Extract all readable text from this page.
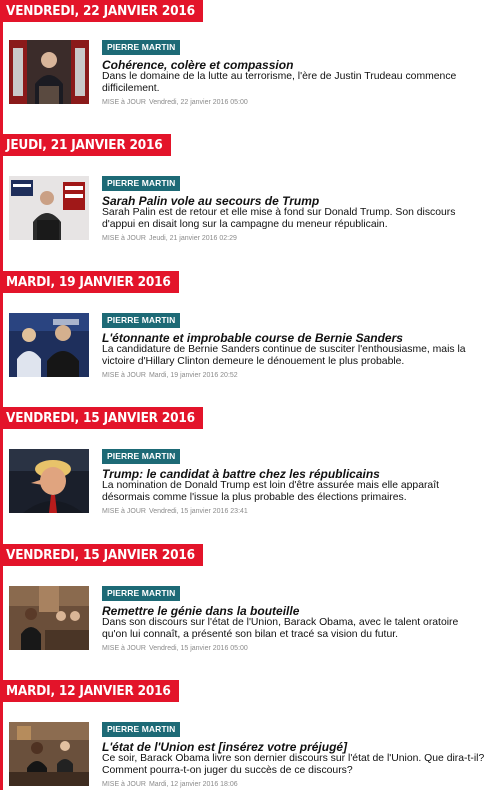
VENDREDI, 22 JANVIER 2016
PIERRE MARTIN
Cohérence, colère et compassion
Dans le domaine de la lutte au terrorisme, l'ère de Justin Trudeau commence difficilement.
MISE à JOUR Vendredi, 22 janvier 2016 05:00
JEUDI, 21 JANVIER 2016
PIERRE MARTIN
Sarah Palin vole au secours de Trump
Sarah Palin est de retour et elle mise à fond sur Donald Trump. Son discours d'appui en disait long sur la campagne du meneur républicain.
MISE à JOUR Jeudi, 21 janvier 2016 02:29
MARDI, 19 JANVIER 2016
PIERRE MARTIN
L'étonnante et improbable course de Bernie Sanders
La candidature de Bernie Sanders continue de susciter l'enthousiasme, mais la victoire d'Hillary Clinton demeure le dénouement le plus probable.
MISE à JOUR Mardi, 19 janvier 2016 20:52
VENDREDI, 15 JANVIER 2016
PIERRE MARTIN
Trump: le candidat à battre chez les républicains
La nomination de Donald Trump est loin d'être assurée mais elle apparaît désormais comme l'issue la plus probable des élections primaires.
MISE à JOUR Vendredi, 15 janvier 2016 23:41
VENDREDI, 15 JANVIER 2016
PIERRE MARTIN
Remettre le génie dans la bouteille
Dans son discours sur l'état de l'Union, Barack Obama, avec le talent oratoire qu'on lui connaît, a présenté son bilan et tracé sa vision du futur.
MISE à JOUR Vendredi, 15 janvier 2016 05:00
MARDI, 12 JANVIER 2016
PIERRE MARTIN
L'état de l'Union est [insérez votre préjugé]
Ce soir, Barack Obama livre son dernier discours sur l'état de l'Union. Que dira-t-il? Comment pourra-t-on juger du succès de ce discours?
MISE à JOUR Mardi, 12 janvier 2016 18:06
